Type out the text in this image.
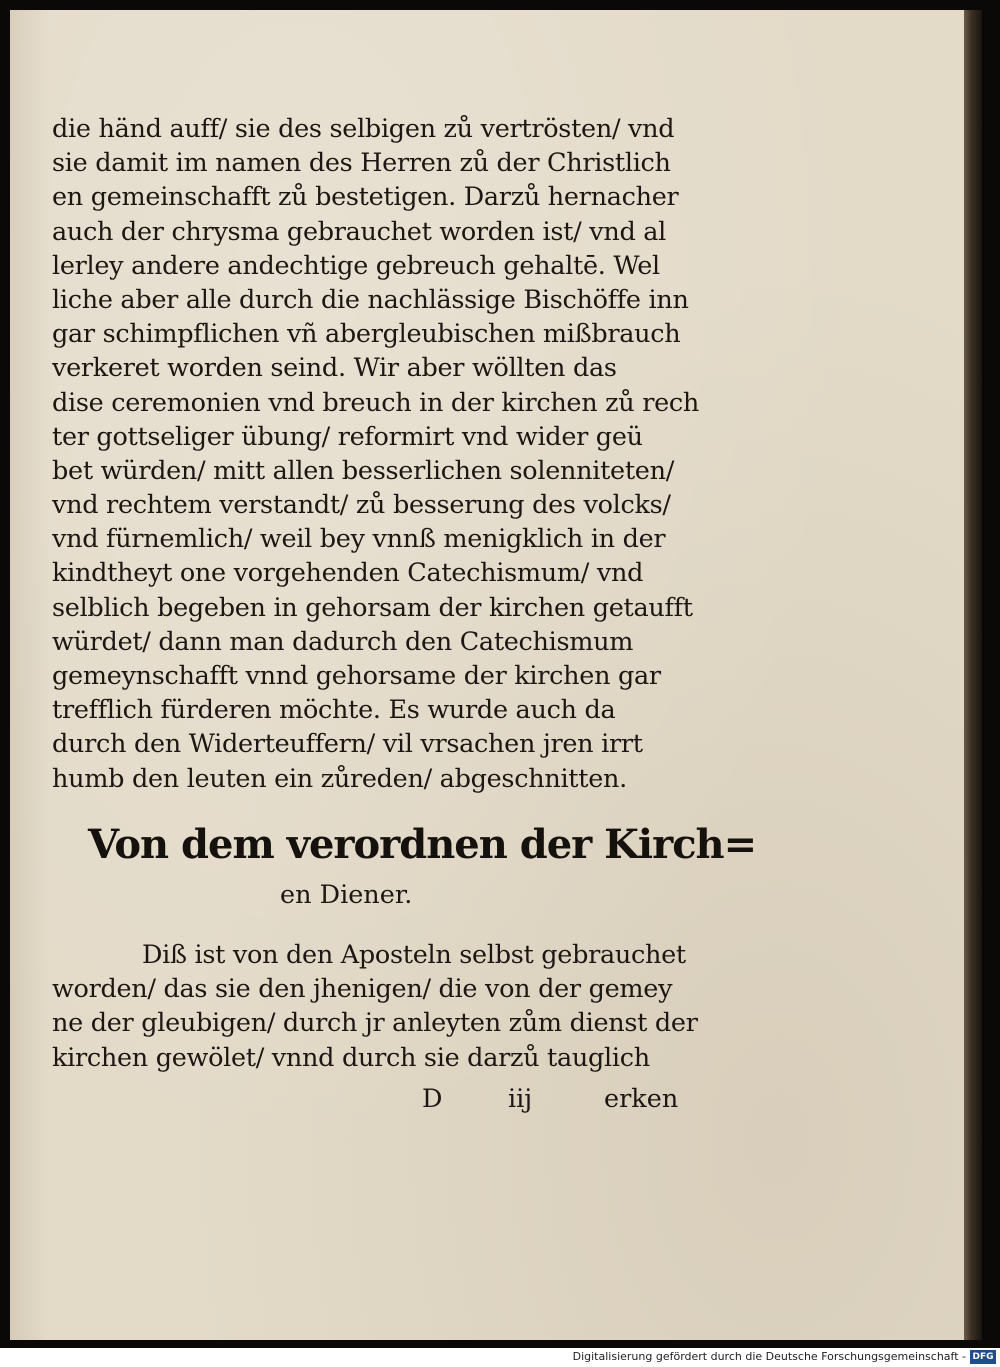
die händ auff/ sie des selbigen zů vertrösten/ vnd
sie damit im namen des Herren zů der Christlich
en gemeinschafft zů bestetigen. Darzů hernacher
auch der chrysma gebrauchet worden ist/ vnd al
lerley andere andechtige gebreuch gehaltē. Wel
liche aber alle durch die nachlässige Bischöffe inn
gar schimpflichen vñ abergleubischen mißbrauch
verkeret worden seind. Wir aber wöllten das
dise ceremonien vnd breuch in der kirchen zů rech
ter gottseliger übung/ reformirt vnd wider geü
bet würden/ mitt allen besserlichen solenniteten/
vnd rechtem verstandt/ zů besserung des volcks/
vnd fürnemlich/ weil bey vnnß menigklich in der
kindtheyt one vorgehenden Catechismum/ vnd
selblich begeben in gehorsam der kirchen getaufft
würdet/ dann man dadurch den Catechismum
gemeynschafft vnnd gehorsame der kirchen gar
trefflich fürderen möchte. Es wurde auch da
durch den Widerteuffern/ vil vrsachen jren irrt
humb den leuten ein zůreden/ abgeschnitten.
Von dem verordnen der Kirch=
en Diener.
Diß ist von den Aposteln selbst gebrauchet
worden/ das sie den jhenigen/ die von der gemey
ne der gleubigen/ durch jr anleyten zům dienst der
kirchen gewölet/ vnnd durch sie darzů tauglich
D	iij	erken
Digitalisierung gefördert durch die Deutsche Forschungsgemeinschaft - DFG
